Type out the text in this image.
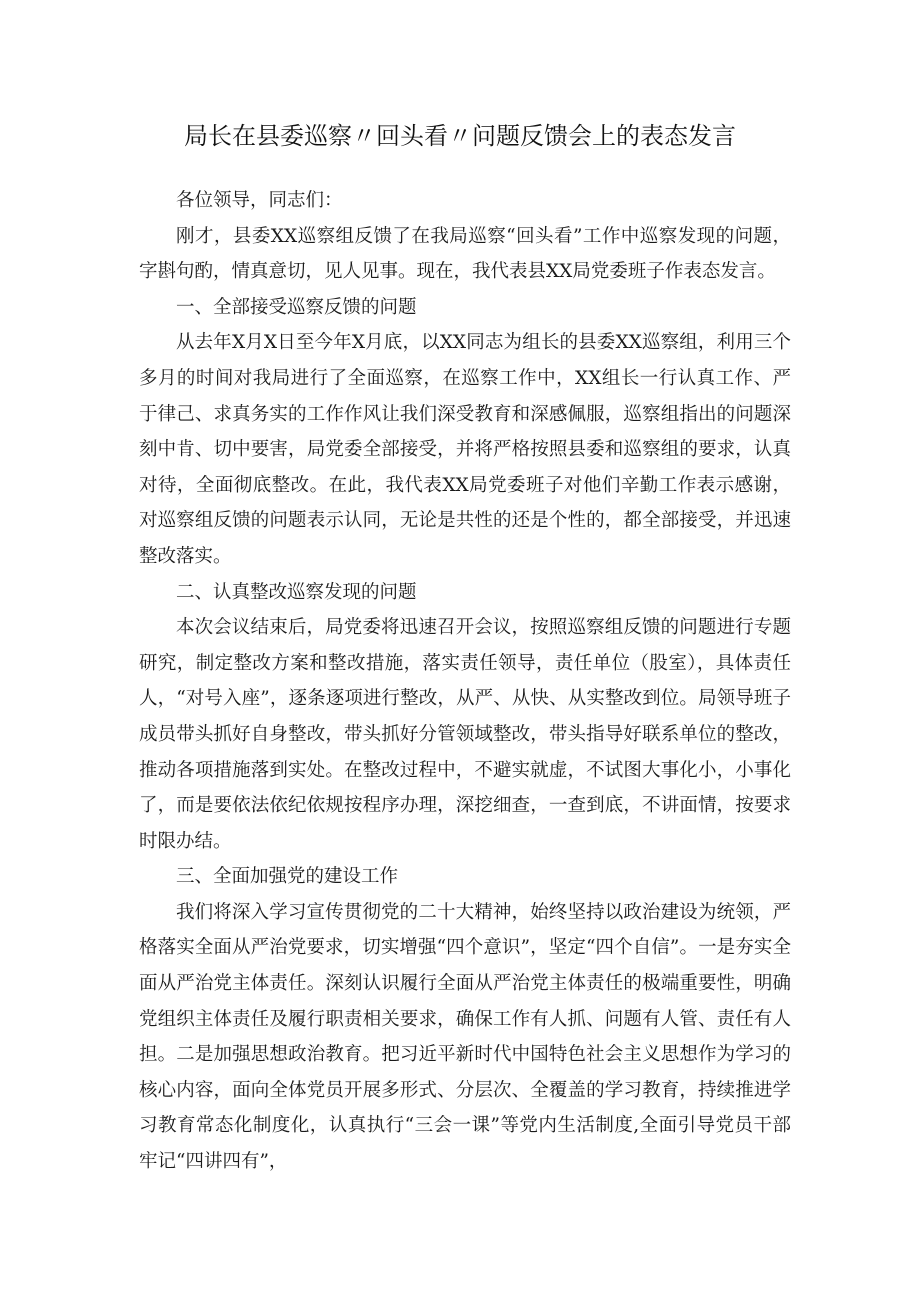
局长在县委巡察〃回头看〃问题反馈会上的表态发言

各位领导，同志们：

刚才，县委XX巡察组反馈了在我局巡察“回头看”工作中巡察发现的问题，字斟句酌，情真意切，见人见事。现在，我代表县XX局党委班子作表态发言。

一、全部接受巡察反馈的问题

从去年X月X日至今年X月底，以XX同志为组长的县委XX巡察组，利用三个多月的时间对我局进行了全面巡察，在巡察工作中，XX组长一行认真工作、严于律己、求真务实的工作作风让我们深受教育和深感佩服，巡察组指出的问题深刻中肯、切中要害，局党委全部接受，并将严格按照县委和巡察组的要求，认真对待，全面彻底整改。在此，我代表XX局党委班子对他们辛勤工作表示感谢，对巡察组反馈的问题表示认同，无论是共性的还是个性的，都全部接受，并迅速整改落实。

二、认真整改巡察发现的问题

本次会议结束后，局党委将迅速召开会议，按照巡察组反馈的问题进行专题研究，制定整改方案和整改措施，落实责任领导，责任单位（股室），具体责任人，“对号入座”，逐条逐项进行整改，从严、从快、从实整改到位。局领导班子成员带头抓好自身整改，带头抓好分管领域整改，带头指导好联系单位的整改，推动各项措施落到实处。在整改过程中，不避实就虚，不试图大事化小，小事化了，而是要依法依纪依规按程序办理，深挖细查，一查到底，不讲面情，按要求时限办结。

三、全面加强党的建设工作

我们将深入学习宣传贯彻党的二十大精神，始终坚持以政治建设为统领，严格落实全面从严治党要求，切实增强“四个意识”，坚定“四个自信”。一是夯实全面从严治党主体责任。深刻认识履行全面从严治党主体责任的极端重要性，明确党组织主体责任及履行职责相关要求，确保工作有人抓、问题有人管、责任有人担。二是加强思想政治教育。把习近平新时代中国特色社会主义思想作为学习的核心内容，面向全体党员开展多形式、分层次、全覆盖的学习教育，持续推进学习教育常态化制度化，认真执行“三会一课”等党内生活制度,全面引导党员干部牢记“四讲四有”，
